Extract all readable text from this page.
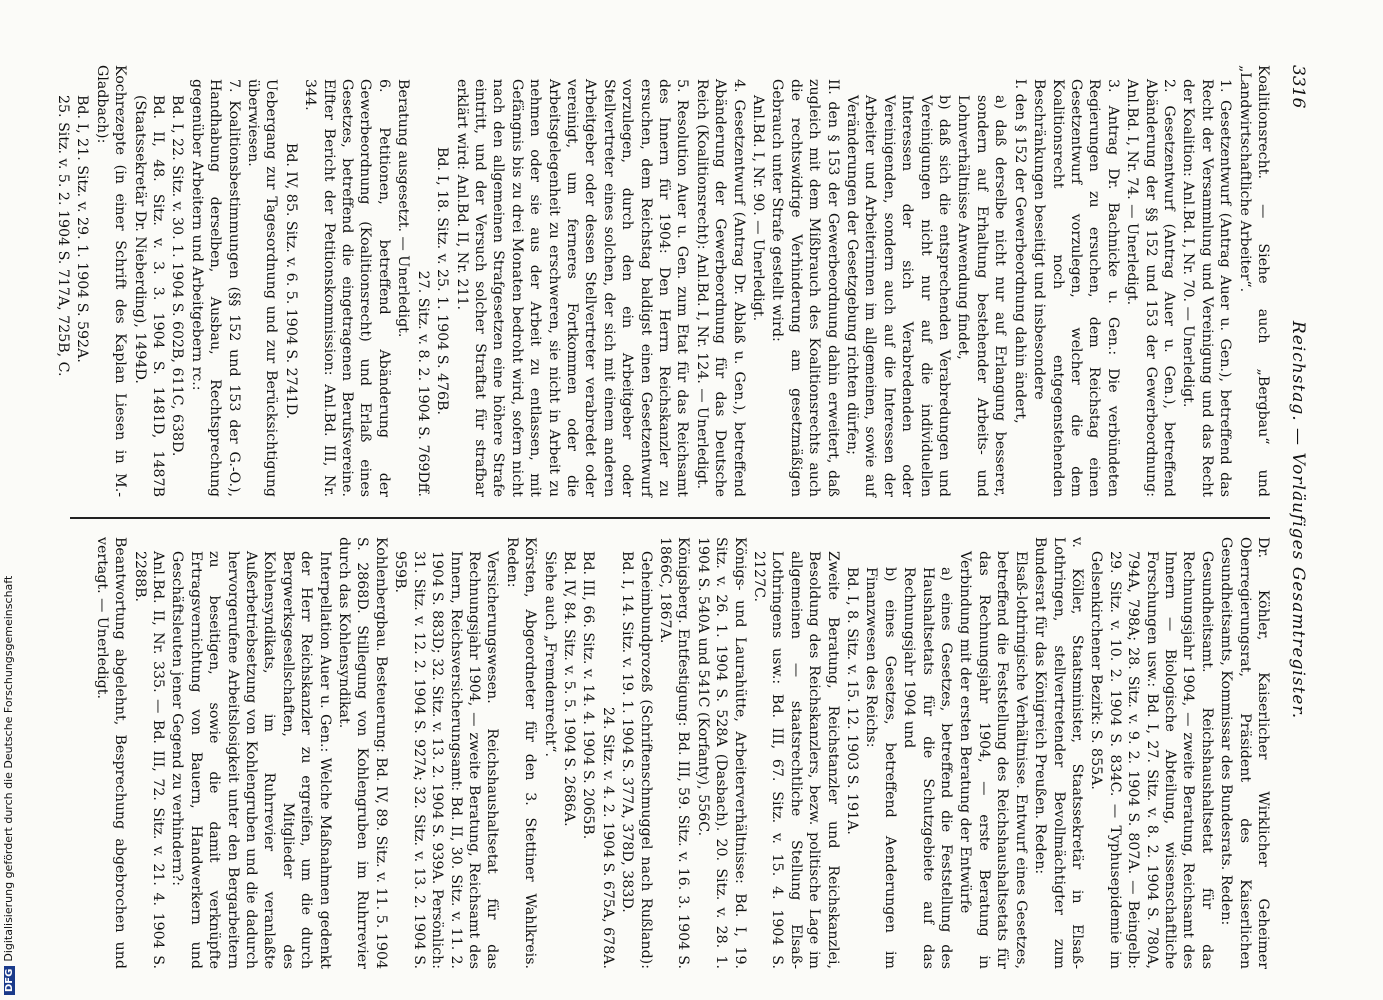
3316
Reichstag. — Vorläufiges Gesamtregister.

Koalitionsrecht. — Siehe auch „Bergbau“ und „Landwirtschaftliche Arbeiter“.

1. Gesetzentwurf (Antrag Auer u. Gen.), betreffend das Recht der Versammlung und Vereinigung und das Recht der Koalition: Anl.Bd. I, Nr. 70. — Unerledigt.

2. Gesetzentwurf (Antrag Auer u. Gen.), betreffend Abänderung der §§ 152 und 153 der Gewerbeordnung: Anl.Bd. I, Nr. 74. — Unerledigt.

3. Antrag Dr. Bachnicke u. Gen.: Die verbündeten Regierungen zu ersuchen, dem Reichstag einen Gesetzentwurf vorzulegen, welcher die dem Koalitionsrecht noch entgegenstehenden Beschränkungen beseitigt und insbesondere

I. den § 152 der Gewerbeordnung dahin ändert,

a) daß derselbe nicht nur auf Erlangung besserer, sondern auf Erhaltung bestehender Arbeits- und Lohnverhältnisse Anwendung findet,

b) daß sich die entsprechenden Verabredungen und Vereinigungen nicht nur auf die individuellen Interessen der sich Verabredenden oder Vereinigenden, sondern auch auf die Interessen der Arbeiter und Arbeiterinnen im allgemeinen, sowie auf Veränderungen der Gesetzgebung richten dürfen;

II. den § 153 der Gewerbeordnung dahin erweitert, daß zugleich mit dem Mißbrauch des Koalitionsrechts auch die rechtswidrige Verhinderung am gesetzmäßigen Gebrauch unter Strafe gestellt wird:

Anl.Bd. I, Nr. 90. — Unerledigt.

4. Gesetzentwurf (Antrag Dr. Ablaß u. Gen.), betreffend Abänderung der Gewerbeordnung für das Deutsche Reich (Koalitionsrecht): Anl.Bd. I, Nr. 124. — Unerledigt.

5. Resolution Auer u. Gen. zum Etat für das Reichsamt des Innern für 1904: Den Herrn Reichskanzler zu ersuchen, dem Reichstag baldigst einen Gesetzentwurf vorzulegen, durch den ein Arbeitgeber oder Stellvertreter eines solchen, der sich mit einem anderen Arbeitgeber oder dessen Stellvertreter verabredet oder vereinigt, um ferneres Fortkommen oder die Arbeitsgelegenheit zu erschweren, sie nicht in Arbeit zu nehmen oder sie aus der Arbeit zu entlassen, mit Gefängnis bis zu drei Monaten bedroht wird, sofern nicht nach den allgemeinen Strafgesetzen eine höhere Strafe eintritt, und der Versuch solcher Straftat für strafbar erklärt wird: Anl.Bd. II, Nr. 211.

Bd. I, 18. Sitz. v. 25. 1. 1904 S. 476B.

27. Sitz. v. 8. 2. 1904 S. 769Dff.

Beratung ausgesetzt. — Unerledigt.

6. Petitionen, betreffend Abänderung der Gewerbeordnung (Koalitionsrecht) und Erlaß eines Gesetzes, betreffend die eingetragenen Berufsvereine. Elfter Bericht der Petitionskommission: Anl.Bd. III, Nr. 344.

Bd. IV, 85. Sitz. v. 6. 5. 1904 S. 2741D.

Uebergang zur Tagesordnung und zur Berücksichtigung überwiesen.

7. Koalitionsbestimmungen (§§ 152 und 153 der G.-O.), Handhabung derselben, Ausbau, Rechtsprechung gegenüber Arbeitern und Arbeitgebern rc.:

Bd. I, 22. Sitz. v. 30. 1. 1904 S. 602B, 611C, 638D.

Bd. II, 48. Sitz. v. 3. 3. 1904 S. 1481D, 1487B (Staatssekretär Dr. Nieberding), 1494D.

Kochrezepte (in einer Schrift des Kaplan Liesen in M.-Gladbach):

Bd. I, 21. Sitz. v. 29. 1. 1904 S. 592A.

25. Sitz. v. 5. 2. 1904 S. 717A, 725B, C.

Dr. Köhler, Kaiserlicher Wirklicher Geheimer Oberregierungsrat, Präsident des Kaiserlichen Gesundheitsamts, Kommissar des Bundesrats. Reden:

Gesundheitsamt. Reichshaushaltsetat für das Rechnungsjahr 1904, — zweite Beratung, Reichsamt des Innern — Biologische Abteilung, wissenschaftliche Forschungen usw.: Bd. I, 27. Sitz. v. 8. 2. 1904 S. 780A, 794A, 798A; 28. Sitz. v. 9. 2. 1904 S. 807A. — Beingelb: 29. Sitz. v. 10. 2. 1904 S. 834C. — Typhusepidemie im Gelsenkirchener Bezirk: S. 855A.

v. Köller, Staatsminister, Staatssekretär in Elsaß-Lothringen, stellvertretender Bevollmächtigter zum Bundesrat für das Königreich Preußen. Reden:

Elsaß-lothringische Verhältnisse. Entwurf eines Gesetzes, betreffend die Feststellung des Reichshaushaltsetats für das Rechnungsjahr 1904, — erste Beratung in Verbindung mit der ersten Beratung der Entwürfe

a) eines Gesetzes, betreffend die Feststellung des Haushaltsetats für die Schutzgebiete auf das Rechnungsjahr 1904 und

b) eines Gesetzes, betreffend Aenderungen im Finanzwesen des Reichs:

Bd. I, 8. Sitz. v. 15. 12. 1903 S. 191A.

Zweite Beratung, Reichstanzler und Reichskanzlei, Besoldung des Reichskanzlers, bezw. politische Lage im allgemeinen — staatsrechtliche Stellung Elsaß-Lothringens usw.: Bd. III, 67. Sitz. v. 15. 4. 1904 S. 2127C.

Königs- und Laurahütte, Arbeiterverhältnisse: Bd. I, 19. Sitz. v. 26. 1. 1904 S. 528A (Dasbach). 20. Sitz. v. 28. 1. 1904 S. 540A und 541C (Korfanty), 556C.

Königsberg. Entfestigung: Bd. III, 59. Sitz. v. 16. 3. 1904 S. 1866C, 1867A.

Geheimbundprozeß (Schriftenschmuggel nach Rußland): Bd. I, 14. Sitz. v. 19. 1. 1904 S. 377A, 378D, 383D.

24. Sitz. v. 4. 2. 1904 S. 675A, 678A.

Bd. III, 66. Sitz. v. 14. 4. 1904 S. 2065B.

Bd. IV, 84. Sitz. v. 5. 5. 1904 S. 2686A.

Siehe auch „Fremdenrecht“.

Körsten, Abgeordneter für den 3. Stettiner Wahlkreis. Reden:

Versicherungswesen. Reichshaushaltsetat für das Rechnungsjahr 1904, — zweite Beratung, Reichsamt des Innern, Reichsversicherungsamt: Bd. II, 30. Sitz. v. 11. 2. 1904 S. 883D; 32. Sitz. v. 13. 2. 1904 S. 939A. Persönlich: 31. Sitz. v. 12. 2. 1904 S. 927A; 32. Sitz. v. 13. 2. 1904 S. 959B.

Kohlenbergbau. Besteuerung: Bd. IV, 89. Sitz. v. 11. 5. 1904 S. 2868D. Stillegung von Kohlengruben im Ruhrrevier durch das Kohlensyndikat.

Interpellation Auer u. Gen.: Welche Maßnahmen gedenkt der Herr Reichskanzler zu ergreifen, um die durch Bergwerksgesellschaften, Mitglieder des Kohlensyndikats, im Ruhrrevier veranlaßte Außerbetriebsetzung von Kohlengruben und die dadurch hervorgerufene Arbeitslosigkeit unter den Bergarbeitern zu beseitigen, sowie die damit verknüpfte Ertragsvernichtung von Bauern, Handwerkern und Geschäftsleuten jener Gegend zu verhindern?:

Anl.Bd. II, Nr. 335. — Bd. III, 72. Sitz. v. 21. 4. 1904 S. 2288B.

Beantwortung abgelehnt, Besprechung abgebrochen und vertagt. — Unerledigt.

DFGDigitalisierung gefördert durch die Deutsche Forschungsgemeinschaft
